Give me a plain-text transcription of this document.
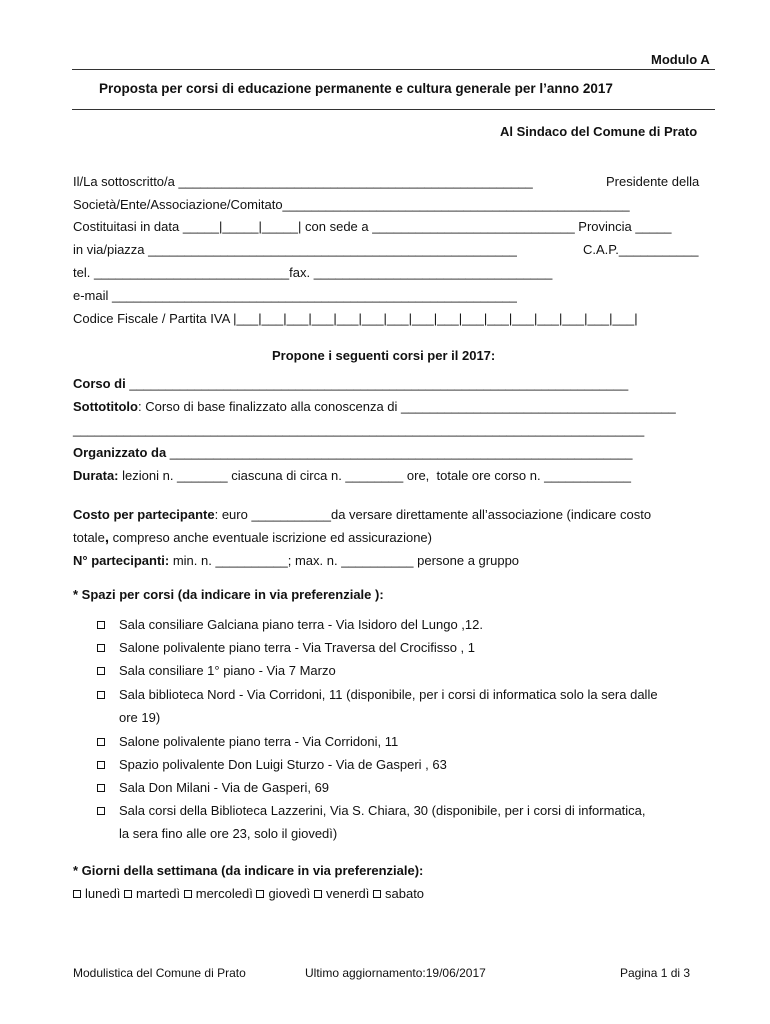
Modulo A
Proposta per corsi di educazione permanente e cultura generale per l’anno 2017
Al Sindaco del Comune di Prato
Il/La sottoscritto/a _________________________________________________	Presidente della
Società/Ente/Associazione/Comitato________________________________________________
Costituitasi in data _____|_____|_____| con sede a ____________________________ Provincia _____
in via/piazza ___________________________________________________	C.A.P.___________
tel. ___________________________fax. _________________________________
e-mail ________________________________________________________
Codice Fiscale / Partita IVA |___|___|___|___|___|___|___|___|___|___|___|___|___|___|___|___|
Propone i seguenti corsi per il 2017:
Corso di _____________________________________________________________________
Sottotitolo: Corso di base finalizzato alla conoscenza di ______________________________________
_______________________________________________________________________________
Organizzato da ________________________________________________________________
Durata: lezioni n. _______ ciascuna di circa n. ________ ore,  totale ore corso n. ____________
Costo per partecipante: euro ___________da versare direttamente all’associazione (indicare costo
totale, compreso anche eventuale iscrizione ed assicurazione)
N° partecipanti: min. n. __________; max. n. __________ persone a gruppo
* Spazi per corsi (da indicare in via preferenziale ):
Sala consiliare Galciana piano terra - Via Isidoro del Lungo ,12.
Salone polivalente piano terra - Via Traversa del Crocifisso , 1
Sala consiliare 1° piano - Via 7 Marzo
Sala biblioteca Nord - Via Corridoni, 11 (disponibile, per i corsi di informatica solo la sera dalle
ore 19)
Salone polivalente piano terra - Via Corridoni, 11
Spazio polivalente Don Luigi Sturzo - Via de Gasperi , 63
Sala Don Milani - Via de Gasperi, 69
Sala corsi della Biblioteca Lazzerini, Via S. Chiara, 30 (disponibile, per i corsi di informatica,
la sera fino alle ore 23, solo il giovedì)
* Giorni della settimana (da indicare in via preferenziale):
lunedì martedì mercoledì giovedì venerdì sabato
Modulistica del Comune di Prato	Ultimo aggiornamento:19/06/2017	Pagina 1 di 3
